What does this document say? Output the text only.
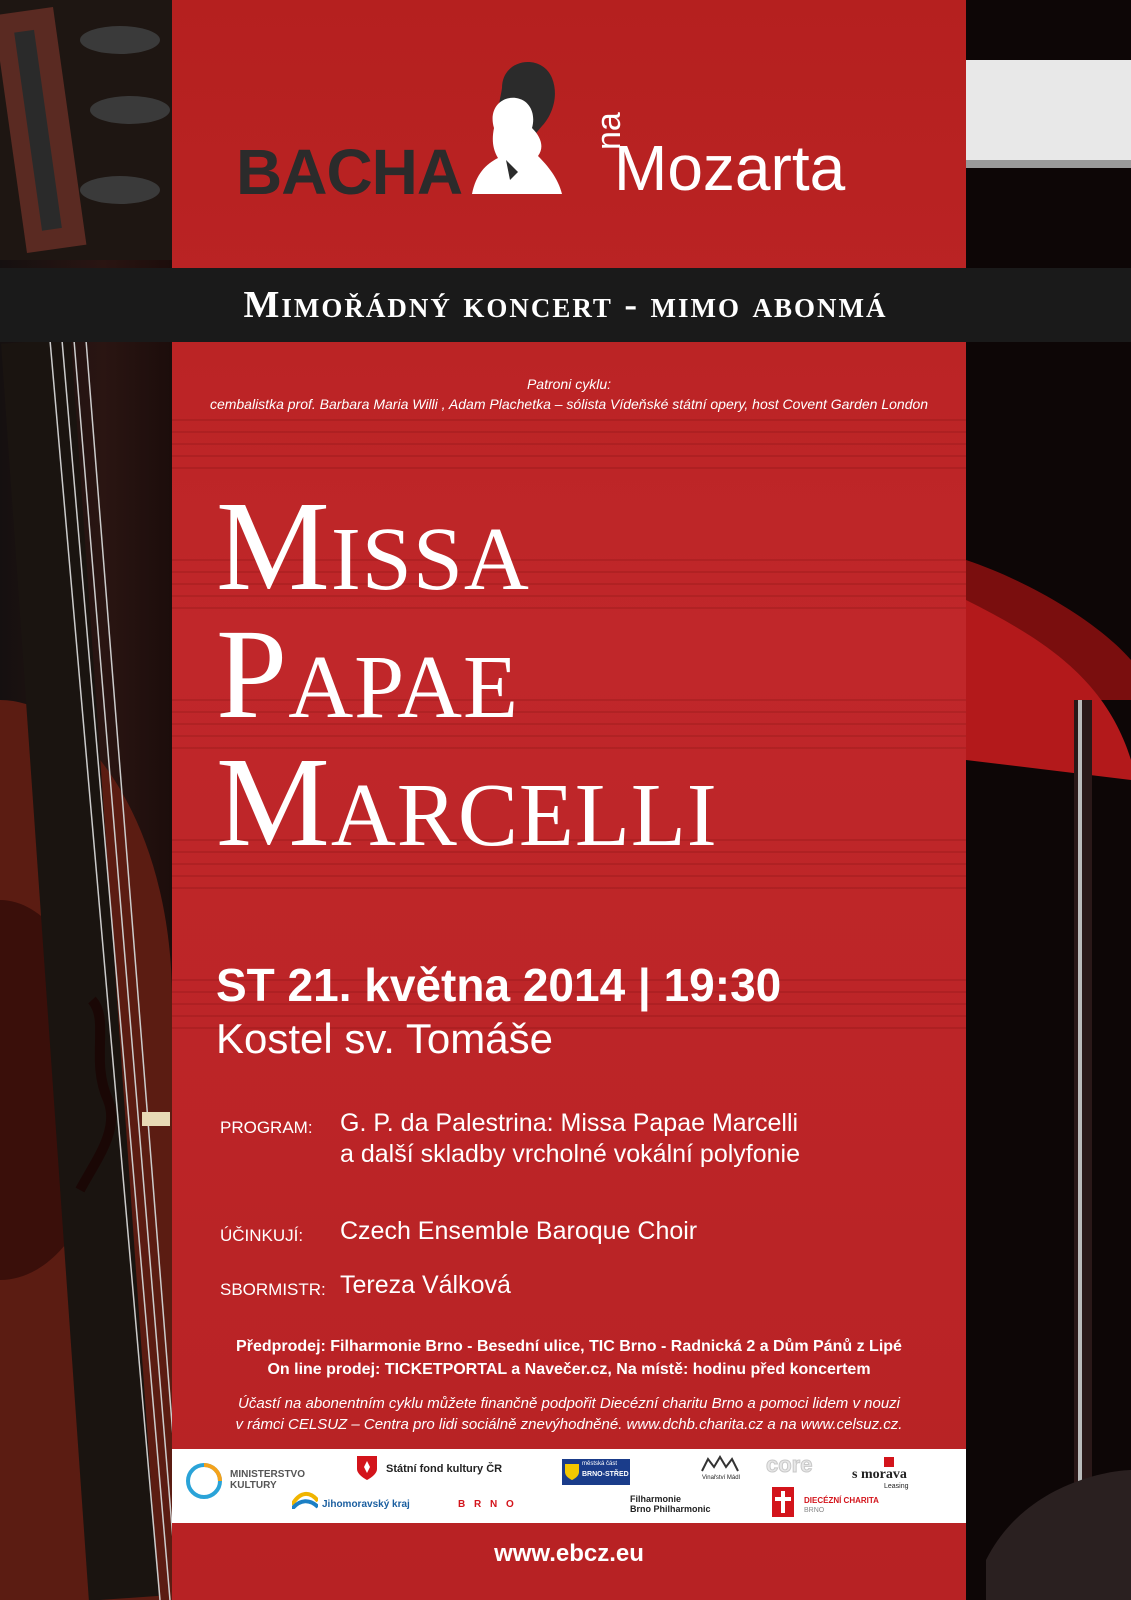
BACHA
na
Mozarta
Mimořádný koncert - mimo abonmá
Patroni cyklu:
cembalistka prof. Barbara Maria Willi , Adam Plachetka – sólista Vídeňské státní opery, host Covent Garden London
Missa
Papae
Marcelli
ST 21. května 2014 | 19:30
Kostel sv. Tomáše
PROGRAM: G. P. da Palestrina: Missa Papae Marcelli
a další skladby vrcholné vokální polyfonie
ÚČINKUJÍ: Czech Ensemble Baroque Choir
SBORMISTR: Tereza Válková
Předprodej: Filharmonie Brno - Besední ulice, TIC Brno - Radnická 2 a Dům Pánů z Lipé
On line prodej: TICKETPORTAL a Navečer.cz, Na místě: hodinu před koncertem
Účastí na abonentním cyklu můžete finančně podpořit Diecézní charitu Brno a pomoci lidem v nouzi
v rámci CELSUZ – Centra pro lidi sociálně znevýhodněné. www.dchb.charita.cz a na www.celsuz.cz.
MINISTERSTVO
KULTURY
Státní fond kultury ČR
Jihomoravský kraj	B R N O
městská část
BRNO-STŘED	Vinařství Mádl
Filharmonie
Brno Philharmonic
core	s morava
Leasing
DIECÉZNÍ CHARITA
BRNO
www.ebcz.eu
